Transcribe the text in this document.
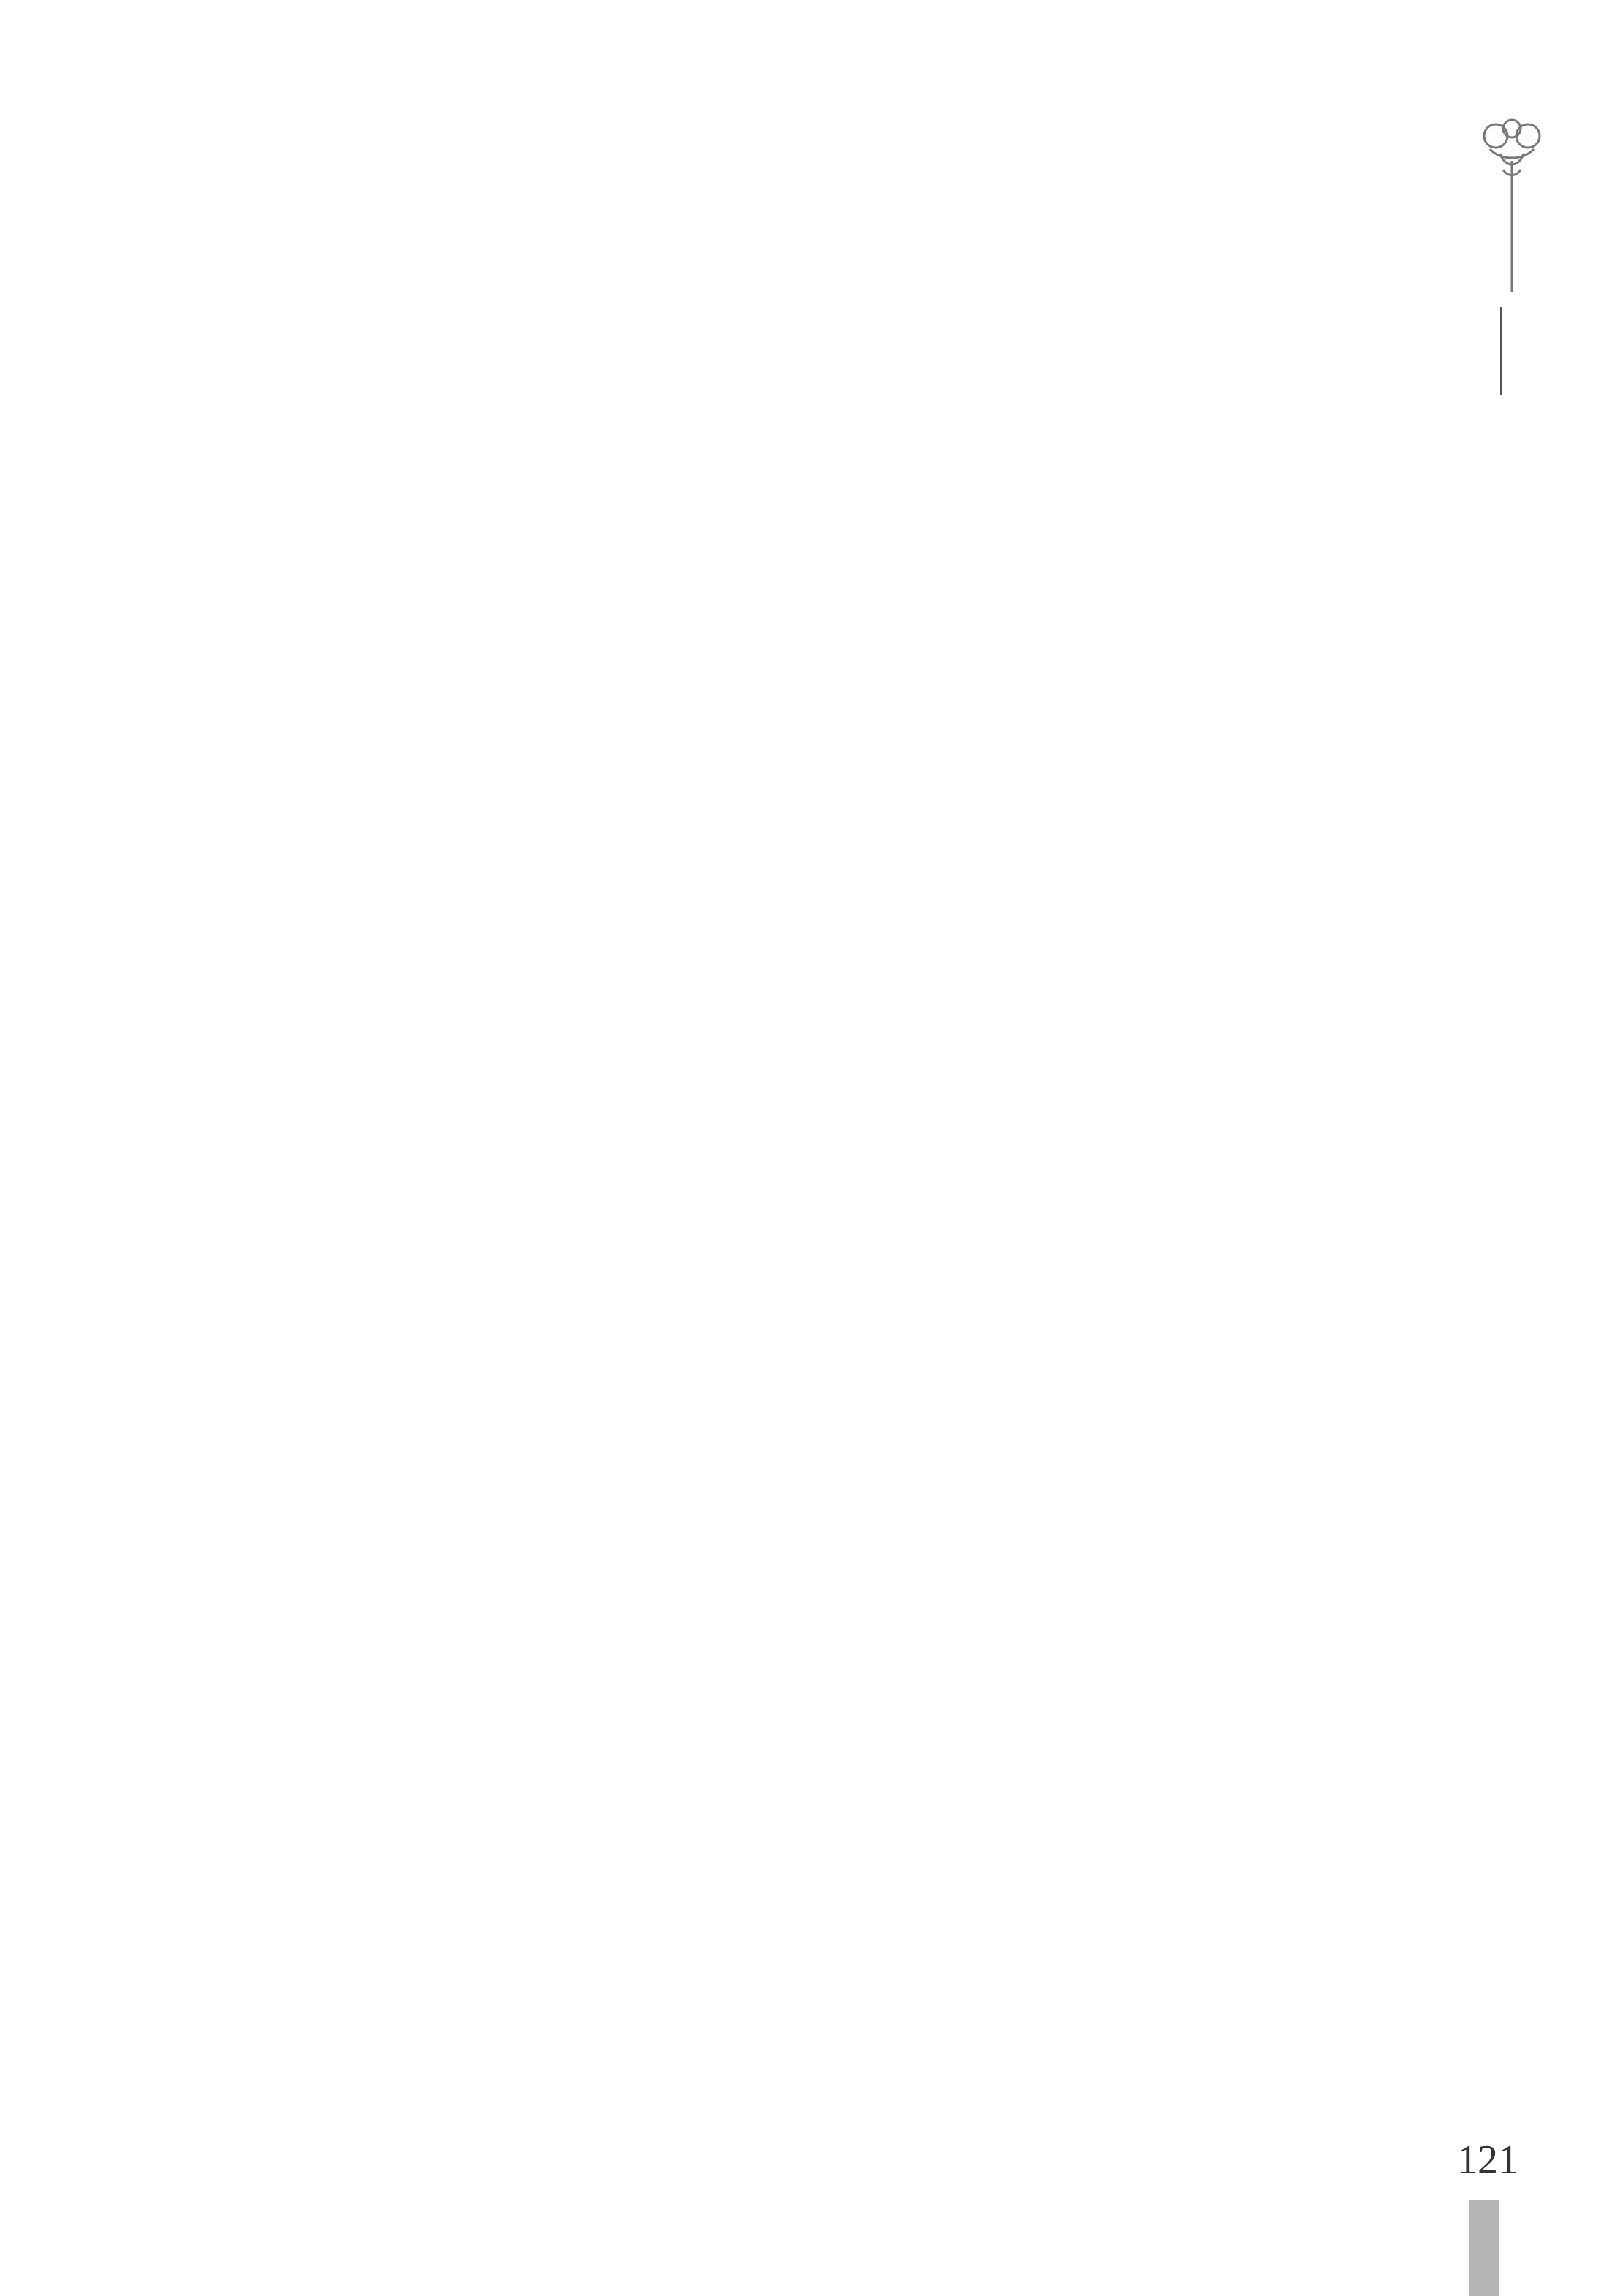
121
